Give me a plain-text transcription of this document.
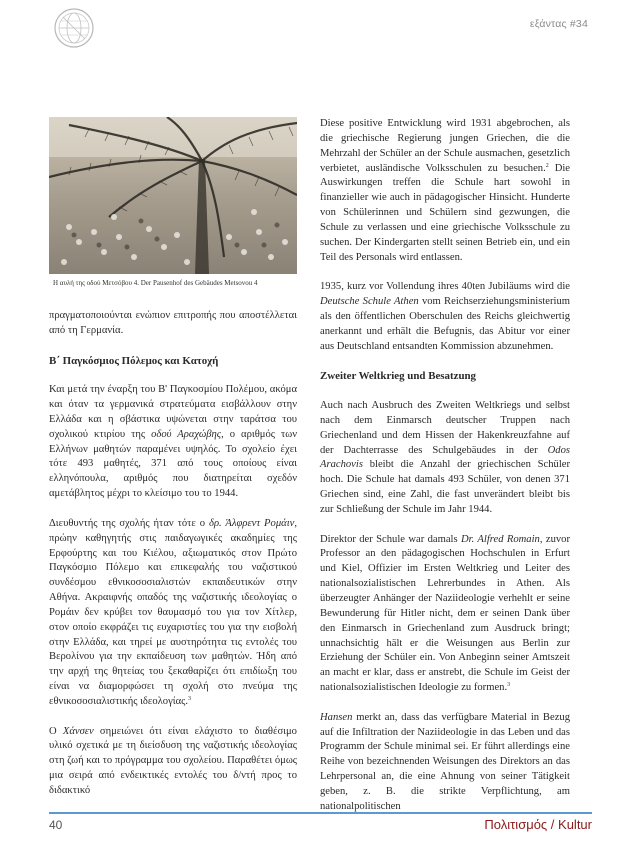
εξάντας #34
Η αυλή της οδού Μετσόβου 4. Der Pausenhof des Gebäudes Metsovou 4

πραγματοποιούνται ενώπιον επιτροπής που αποστέλλεται από τη Γερμανία.

Β΄ Παγκόσμιος Πόλεμος και Κατοχή

Και μετά την έναρξη του Β' Παγκοσμίου Πολέμου, ακόμα και όταν τα γερμανικά στρατεύματα εισβάλλουν στην Ελλάδα και η σβάστικα υψώνεται στην ταράτσα του σχολικού κτιρίου της οδού Αραχώβης, ο αριθμός των Ελλήνων μαθητών παραμένει υψηλός. Το σχολείο έχει τότε 493 μαθητές, 371 από τους οποίους είναι ελληνόπουλα, αριθμός που διατηρείται σχεδόν αμετάβλητος μέχρι το κλείσιμο του το 1944.

Διευθυντής της σχολής ήταν τότε ο δρ. Άλφρεντ Ρομάιν, πρώην καθηγητής στις παιδαγωγικές ακαδημίες της Ερφούρτης και του Κιέλου, αξιωματικός στον Πρώτο Παγκόσμιο Πόλεμο και επικεφαλής του ναζιστικού συνδέσμου εθνικοσοσιαλιστών εκπαιδευτικών στην Αθήνα. Ακραιφνής οπαδός της ναζιστικής ιδεολογίας ο Ρομάιν δεν κρύβει τον θαυμασμό του για τον Χίτλερ, στον οποίο εκφράζει τις ευχαριστίες του για την εισβολή στην Ελλάδα, και τηρεί με αυστηρότητα τις εντολές του Βερολίνου για την εκπαίδευση των μαθητών. Ήδη από την αρχή της θητείας του ξεκαθαρίζει ότι επιδίωξη του είναι να διαμορφώσει τη σχολή στο πνεύμα της εθνικοσοσιαλιστικής ιδεολογίας.$^3$

Ο Χάνσεν σημειώνει ότι είναι ελάχιστο το διαθέσιμο υλικό σχετικά με τη διείσδυση της ναζιστικής ιδεολογίας στη ζωή και το πρόγραμμα του σχολείου. Παραθέτει όμως μια σειρά από ενδεικτικές εντολές του δ/ντή προς το διδακτικό

Diese positive Entwicklung wird 1931 abgebrochen, als die griechische Regierung jungen Griechen, die die Mehrzahl der Schüler an der Schule ausmachen, gesetzlich verbietet, ausländische Volksschulen zu besuchen.$^2$ Die Auswirkungen treffen die Schule hart sowohl in finanzieller wie auch in pädagogischer Hinsicht. Hunderte von Schülerinnen und Schülern sind gezwungen, die Schule zu verlassen und eine griechische Volksschule zu suchen. Der Kindergarten stellt seinen Betrieb ein, und ein Teil des Personals wird entlassen.

1935, kurz vor Vollendung ihres 40ten Jubiläums wird die Deutsche Schule Athen vom Reichserziehungsministerium als den öffentlichen Oberschulen des Reichs gleichwertig anerkannt und erhält die Befugnis, das Abitur vor einer aus Deutschland entsandten Kommission abzunehmen.

Zweiter Weltkrieg und Besatzung

Auch nach Ausbruch des Zweiten Weltkriegs und selbst nach dem Einmarsch deutscher Truppen nach Griechenland und dem Hissen der Hakenkreuzfahne auf der Dachterrasse des Schulgebäudes in der Odos Arachovis bleibt die Anzahl der griechischen Schüler hoch. Die Schule hat damals 493 Schüler, von denen 371 Griechen sind, eine Zahl, die fast unverändert bleibt bis zur Schließung der Schule im Jahr 1944.

Direktor der Schule war damals Dr. Alfred Romain, zuvor Professor an den pädagogischen Hochschulen in Erfurt und Kiel, Offizier im Ersten Weltkrieg und Leiter des nationalsozialistischen Lehrerbundes in Athen. Als überzeugter Anhänger der Naziideologie verhehlt er seine Bewunderung für Hitler nicht, dem er seinen Dank über den Einmarsch in Griechenland zum Ausdruck bringt; unnachsichtig hält er die Weisungen aus Berlin zur Erziehung der Schüler ein. Von Anbeginn seiner Amtszeit an macht er klar, dass er anstrebt, die Schule im Geist der nationalsozialistischen Ideologie zu formen.$^3$

Hansen merkt an, dass das verfügbare Material in Bezug auf die Infiltration der Naziideologie in das Leben und das Programm der Schule minimal sei. Er führt allerdings eine Reihe von bezeichnenden Weisungen des Direktors an das Lehrpersonal an, die eine Ahnung von seiner Tätigkeit geben, z. B. die strikte Verpflichtung, am nationalpolitischen

40	Πολιτισμός / Kultur
